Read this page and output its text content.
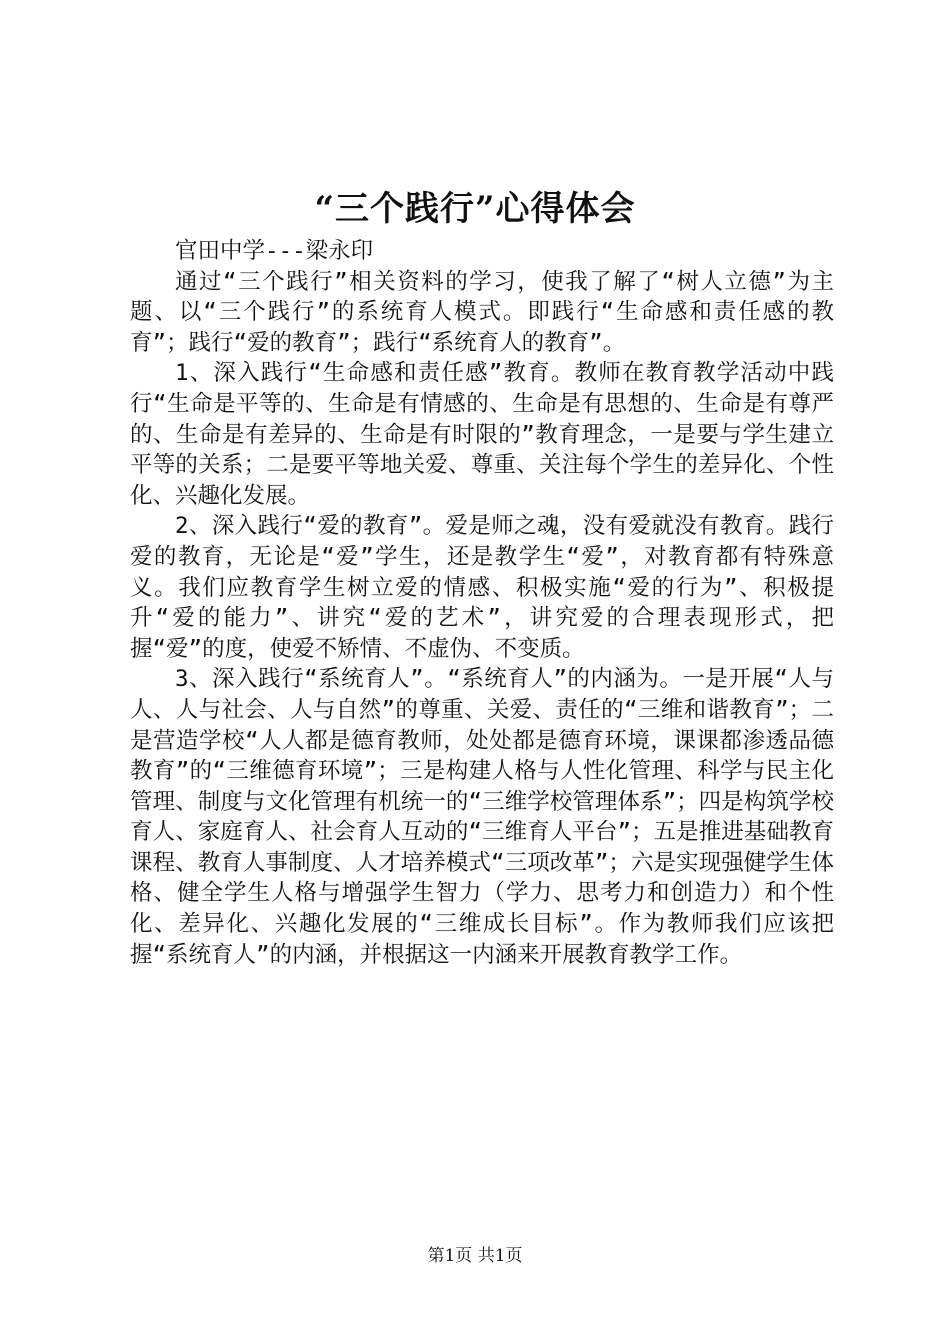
“三个践行”心得体会

官田中学---梁永印

通过“三个践行”相关资料的学习，使我了解了“树人立德”为主题、以“三个践行”的系统育人模式。即践行“生命感和责任感的教育”；践行“爱的教育”；践行“系统育人的教育”。

1、深入践行“生命感和责任感”教育。教师在教育教学活动中践行“生命是平等的、生命是有情感的、生命是有思想的、生命是有尊严的、生命是有差异的、生命是有时限的”教育理念，一是要与学生建立平等的关系；二是要平等地关爱、尊重、关注每个学生的差异化、个性化、兴趣化发展。

2、深入践行“爱的教育”。爱是师之魂，没有爱就没有教育。践行爱的教育，无论是“爱”学生，还是教学生“爱”，对教育都有特殊意义。我们应教育学生树立爱的情感、积极实施“爱的行为”、积极提升“爱的能力”、讲究“爱的艺术”，讲究爱的合理表现形式，把握“爱”的度，使爱不矫情、不虚伪、不变质。

3、深入践行“系统育人”。“系统育人”的内涵为。一是开展“人与人、人与社会、人与自然”的尊重、关爱、责任的“三维和谐教育”；二是营造学校“人人都是德育教师，处处都是德育环境，课课都渗透品德教育”的“三维德育环境”；三是构建人格与人性化管理、科学与民主化管理、制度与文化管理有机统一的“三维学校管理体系”；四是构筑学校育人、家庭育人、社会育人互动的“三维育人平台”；五是推进基础教育课程、教育人事制度、人才培养模式“三项改革”；六是实现强健学生体格、健全学生人格与增强学生智力（学力、思考力和创造力）和个性化、差异化、兴趣化发展的“三维成长目标”。作为教师我们应该把握“系统育人”的内涵，并根据这一内涵来开展教育教学工作。

第1页 共1页
